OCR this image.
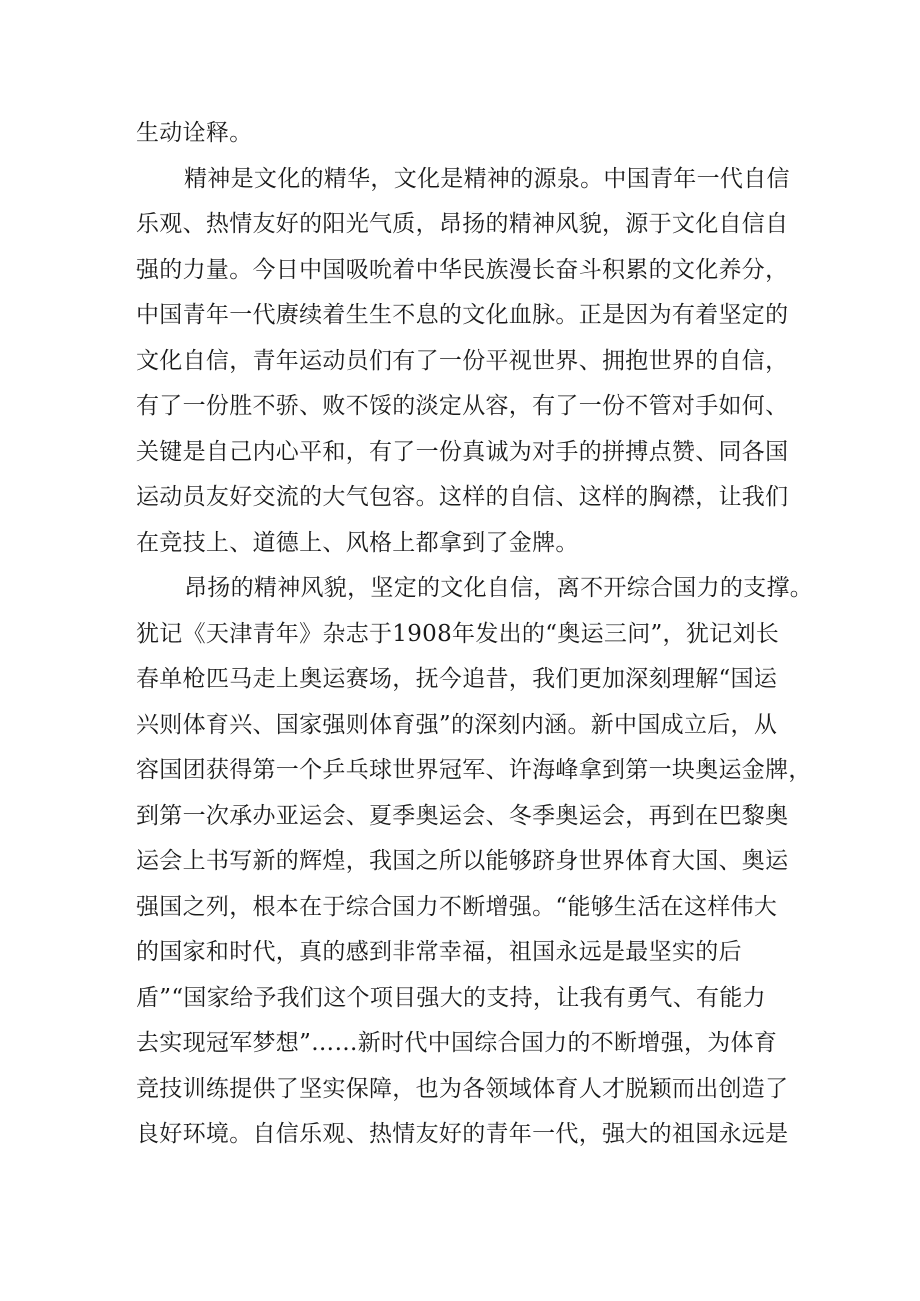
生动诠释。
精神是文化的精华，文化是精神的源泉。中国青年一代自信
乐观、热情友好的阳光气质，昂扬的精神风貌，源于文化自信自
强的力量。今日中国吸吮着中华民族漫长奋斗积累的文化养分，
中国青年一代赓续着生生不息的文化血脉。正是因为有着坚定的
文化自信，青年运动员们有了一份平视世界、拥抱世界的自信，
有了一份胜不骄、败不馁的淡定从容，有了一份不管对手如何、
关键是自己内心平和，有了一份真诚为对手的拼搏点赞、同各国
运动员友好交流的大气包容。这样的自信、这样的胸襟，让我们
在竞技上、道德上、风格上都拿到了金牌。
昂扬的精神风貌，坚定的文化自信，离不开综合国力的支撑。
犹记《天津青年》杂志于1908年发出的“奥运三问”，犹记刘长
春单枪匹马走上奥运赛场，抚今追昔，我们更加深刻理解“国运
兴则体育兴、国家强则体育强”的深刻内涵。新中国成立后，从
容国团获得第一个乒乓球世界冠军、许海峰拿到第一块奥运金牌，
到第一次承办亚运会、夏季奥运会、冬季奥运会，再到在巴黎奥
运会上书写新的辉煌，我国之所以能够跻身世界体育大国、奥运
强国之列，根本在于综合国力不断增强。“能够生活在这样伟大
的国家和时代，真的感到非常幸福，祖国永远是最坚实的后
盾”“国家给予我们这个项目强大的支持，让我有勇气、有能力
去实现冠军梦想”……新时代中国综合国力的不断增强，为体育
竞技训练提供了坚实保障，也为各领域体育人才脱颖而出创造了
良好环境。自信乐观、热情友好的青年一代，强大的祖国永远是
